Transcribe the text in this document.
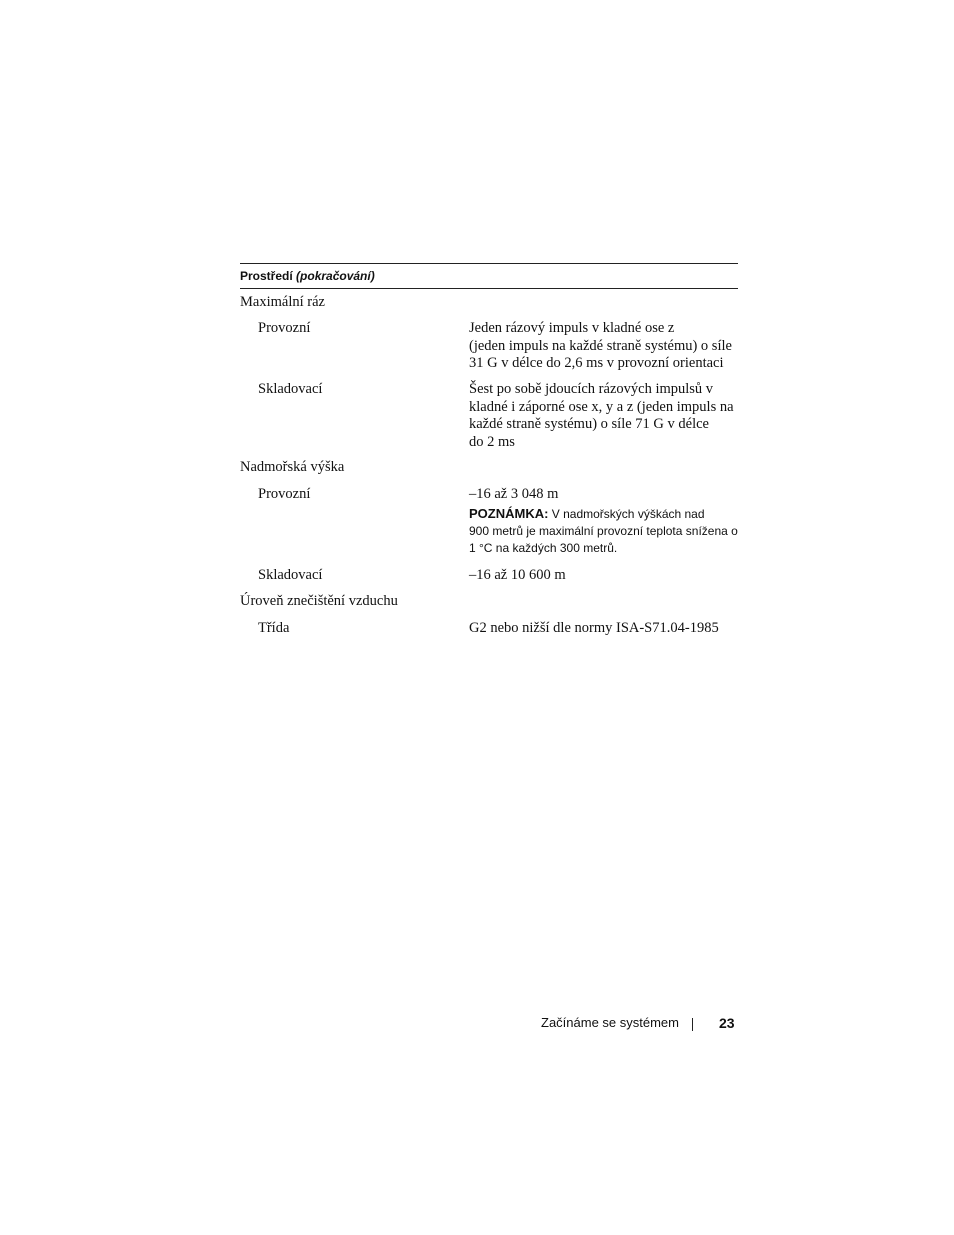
Prostředí (pokračování)
Maximální ráz
Provozní	Jeden rázový impuls v kladné ose z
(jeden impuls na každé straně systému) o síle
31 G v délce do 2,6 ms v provozní orientaci
Skladovací	Šest po sobě jdoucích rázových impulsů v
kladné i záporné ose x, y a z (jeden impuls na
každé straně systému) o síle 71 G v délce
do 2 ms
Nadmořská výška
Provozní	–16 až 3 048 m
POZNÁMKA: V nadmořských výškách nad
900 metrů je maximální provozní teplota snížena o
1 °C na každých 300 metrů.
Skladovací	–16 až 10 600 m
Úroveň znečištění vzduchu
Třída	G2 nebo nižší dle normy ISA-S71.04-1985
Začínáme se systémem	23
